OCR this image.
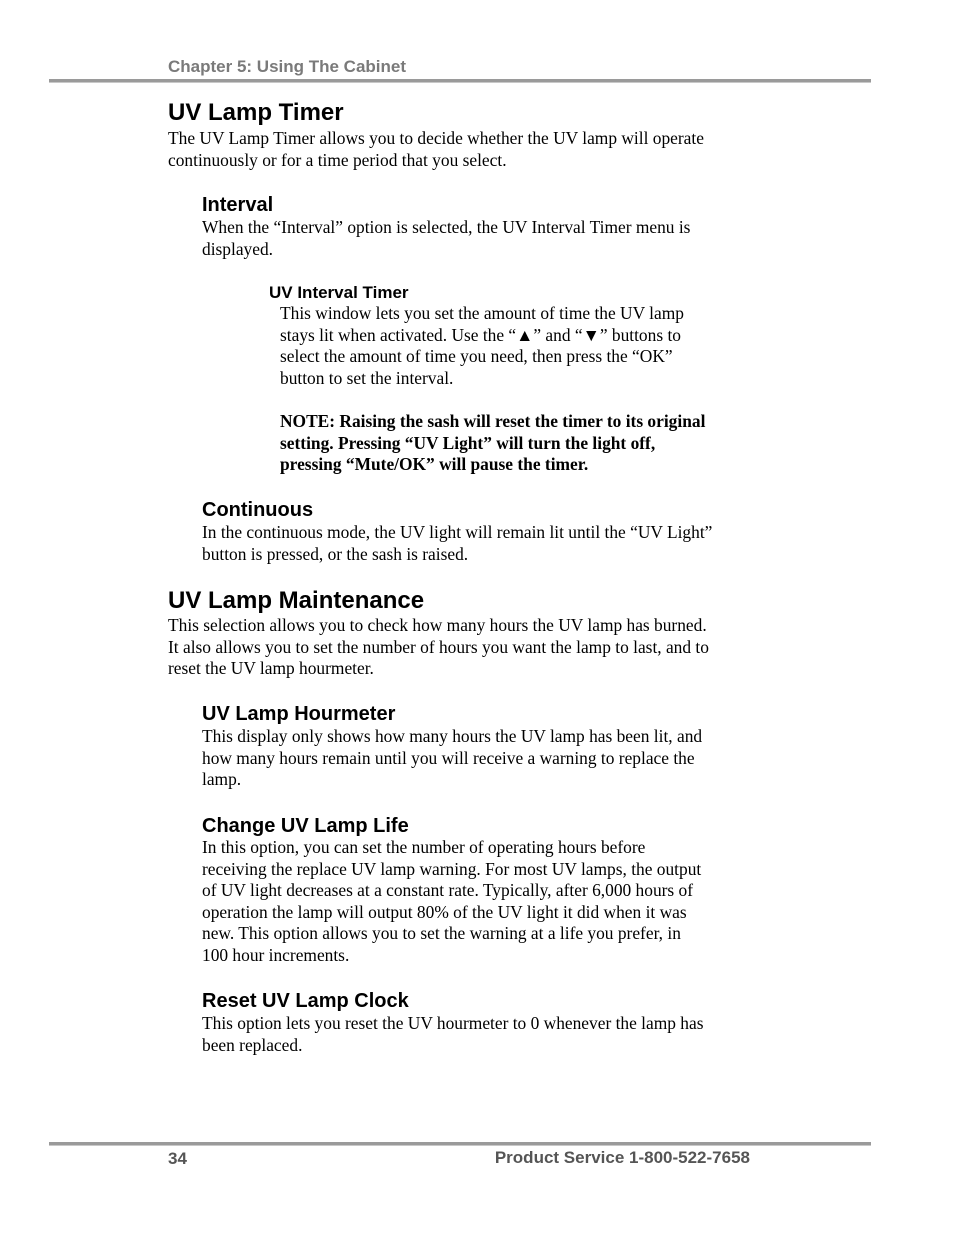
Chapter 5: Using The Cabinet
UV Lamp Timer
The UV Lamp Timer allows you to decide whether the UV lamp will operate
continuously or for a time period that you select.
Interval
When the “Interval” option is selected, the UV Interval Timer menu is
displayed.
UV Interval Timer
This window lets you set the amount of time the UV lamp
stays lit when activated. Use the “▲” and “▼” buttons to
select the amount of time you need, then press the “OK”
button to set the interval.
NOTE: Raising the sash will reset the timer to its original
setting. Pressing “UV Light” will turn the light off,
pressing “Mute/OK” will pause the timer.
Continuous
In the continuous mode, the UV light will remain lit until the “UV Light”
button is pressed, or the sash is raised.
UV Lamp Maintenance
This selection allows you to check how many hours the UV lamp has burned.
It also allows you to set the number of hours you want the lamp to last, and to
reset the UV lamp hourmeter.
UV Lamp Hourmeter
This display only shows how many hours the UV lamp has been lit, and
how many hours remain until you will receive a warning to replace the
lamp.
Change UV Lamp Life
In this option, you can set the number of operating hours before
receiving the replace UV lamp warning. For most UV lamps, the output
of UV light decreases at a constant rate. Typically, after 6,000 hours of
operation the lamp will output 80% of the UV light it did when it was
new. This option allows you to set the warning at a life you prefer, in
100 hour increments.
Reset UV Lamp Clock
This option lets you reset the UV hourmeter to 0 whenever the lamp has
been replaced.
34	Product Service 1-800-522-7658
